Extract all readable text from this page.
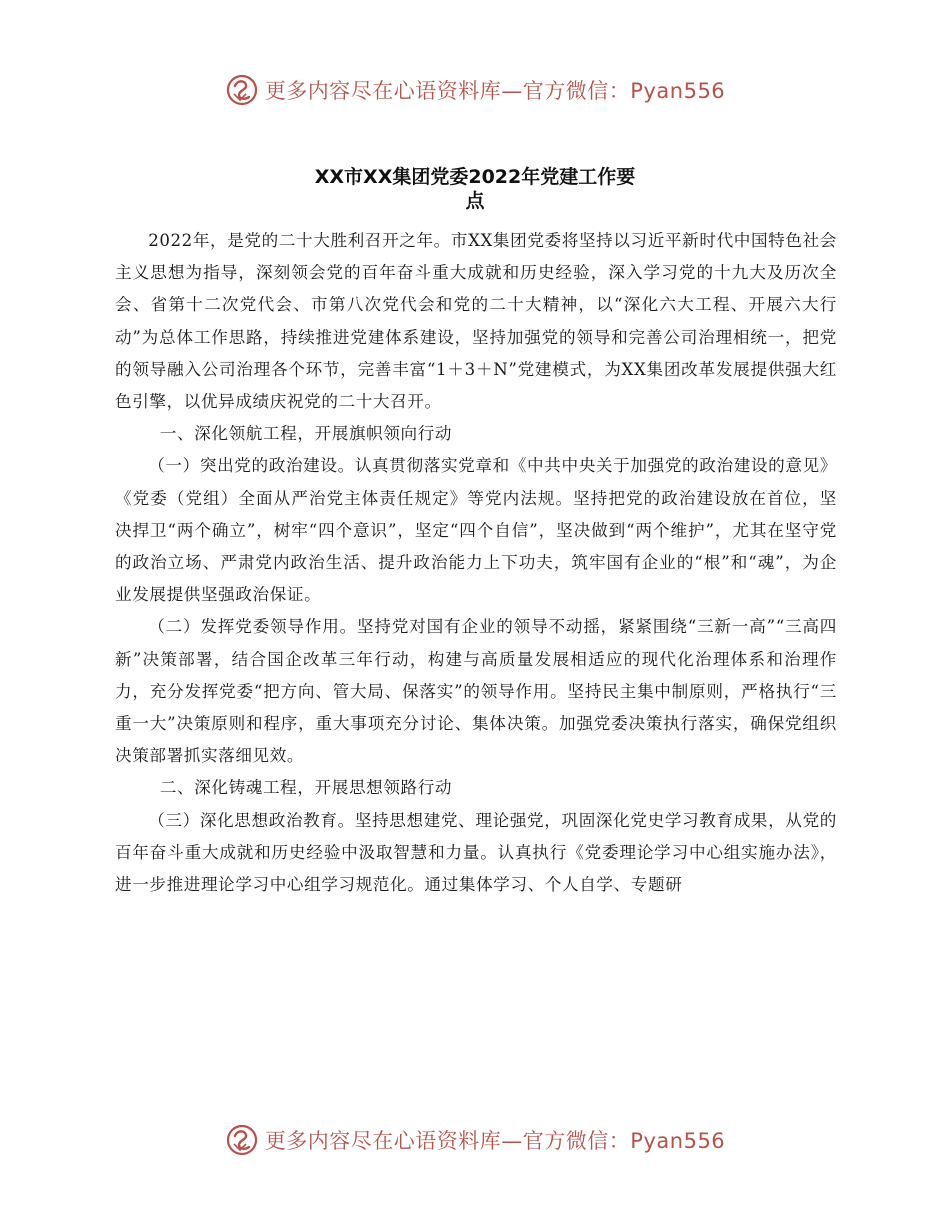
更多内容尽在心语资料库—官方微信：Pyan556
XX市XX集团党委2022年党建工作要
点

2022年，是党的二十大胜利召开之年。市XX集团党委将坚持以习近平新时代中国特色社会主义思想为指导，深刻领会党的百年奋斗重大成就和历史经验，深入学习党的十九大及历次全会、省第十二次党代会、市第八次党代会和党的二十大精神，以“深化六大工程、开展六大行动”为总体工作思路，持续推进党建体系建设，坚持加强党的领导和完善公司治理相统一，把党的领导融入公司治理各个环节，完善丰富“1＋3＋N”党建模式，为XX集团改革发展提供强大红色引擎，以优异成绩庆祝党的二十大召开。

一、深化领航工程，开展旗帜领向行动

（一）突出党的政治建设。认真贯彻落实党章和《中共中央关于加强党的政治建设的意见》《党委（党组）全面从严治党主体责任规定》等党内法规。坚持把党的政治建设放在首位，坚决捍卫“两个确立”，树牢“四个意识”，坚定“四个自信”，坚决做到“两个维护”，尤其在坚守党的政治立场、严肃党内政治生活、提升政治能力上下功夫，筑牢国有企业的“根”和“魂”，为企业发展提供坚强政治保证。

（二）发挥党委领导作用。坚持党对国有企业的领导不动摇，紧紧围绕“三新一高”“三高四新”决策部署，结合国企改革三年行动，构建与高质量发展相适应的现代化治理体系和治理作力，充分发挥党委“把方向、管大局、保落实”的领导作用。坚持民主集中制原则，严格执行“三重一大”决策原则和程序，重大事项充分讨论、集体决策。加强党委决策执行落实，确保党组织决策部署抓实落细见效。

二、深化铸魂工程，开展思想领路行动

（三）深化思想政治教育。坚持思想建党、理论强党，巩固深化党史学习教育成果，从党的百年奋斗重大成就和历史经验中汲取智慧和力量。认真执行《党委理论学习中心组实施办法》，进一步推进理论学习中心组学习规范化。通过集体学习、个人自学、专题研

更多内容尽在心语资料库—官方微信：Pyan556
